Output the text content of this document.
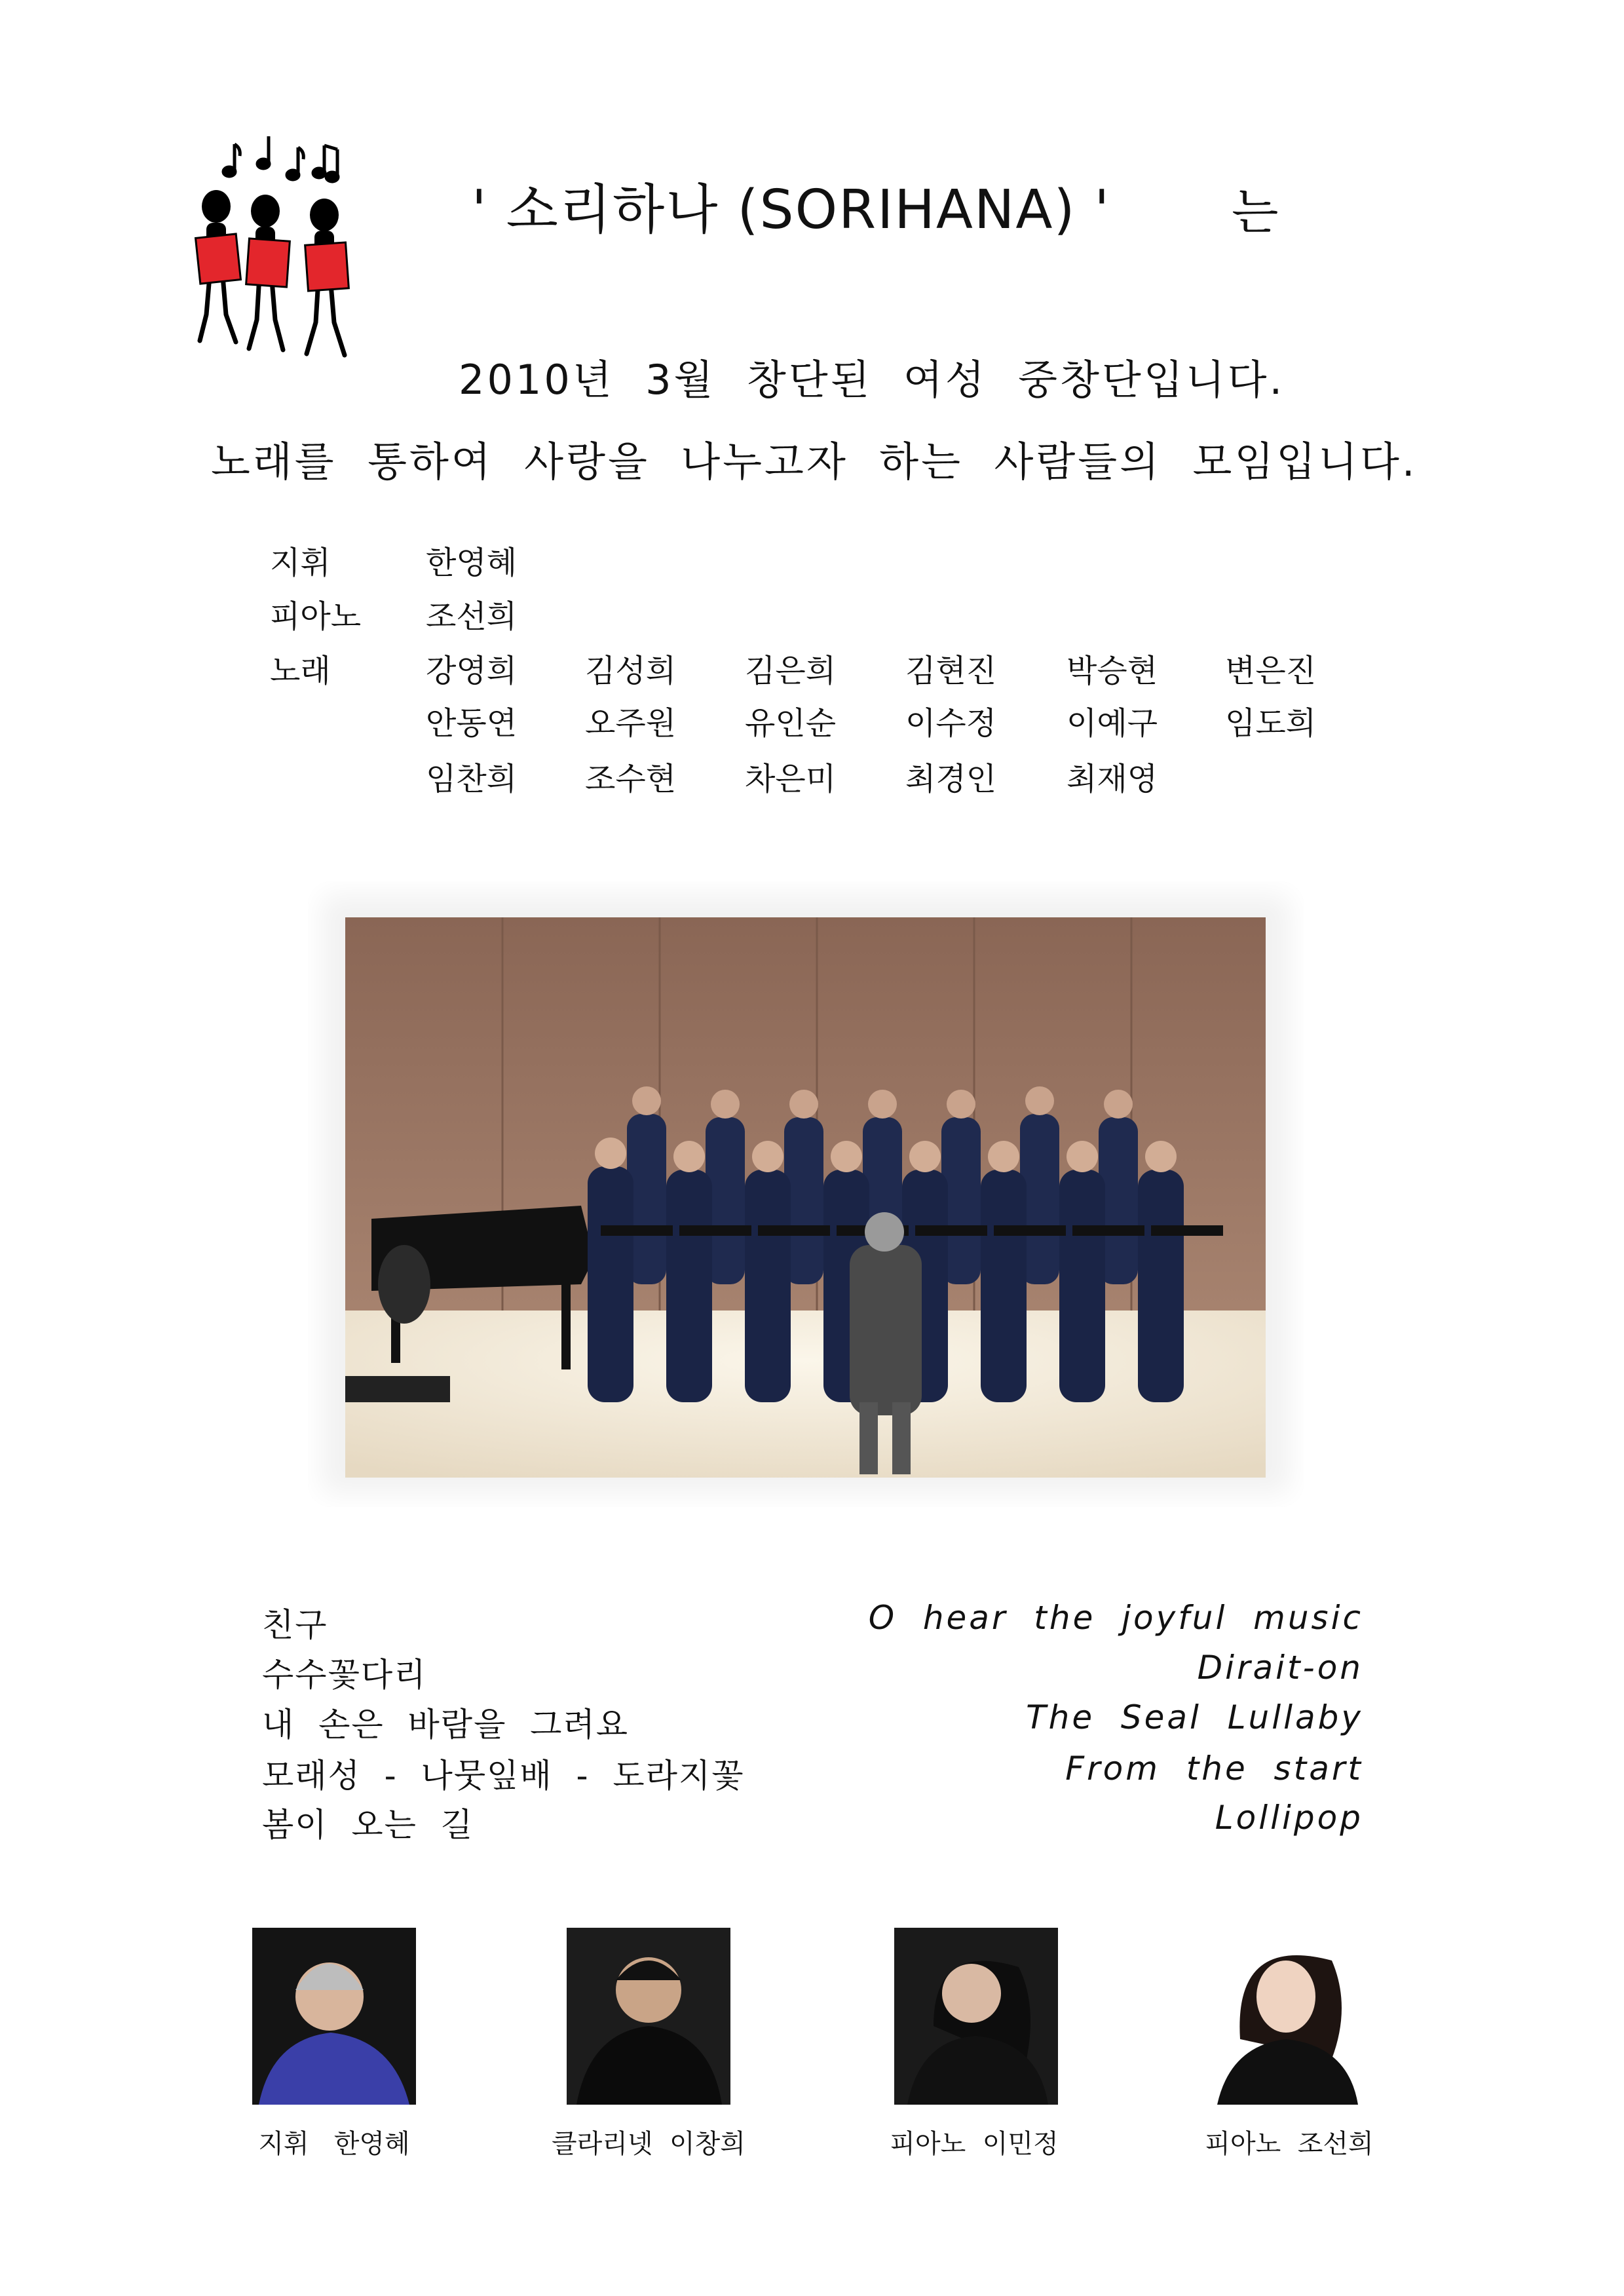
' 소리하나 (SORIHANA) ' 는
2010년  3월  창단된  여성  중창단입니다.
노래를  통하여  사랑을  나누고자  하는  사람들의  모임입니다.
지휘	한영혜
피아노 조선희
노래	강영희 김성희 김은희 김현진 박승현 변은진
안동연 오주원 유인순 이수정 이예구 임도희
임찬희 조수현 차은미 최경인 최재영
친구
수수꽃다리
내  손은  바람을  그려요
모래성  -  나뭇잎배  -  도라지꽃
봄이  오는  길
O  hear  the  joyful  music
Dirait-on
The  Seal  Lullaby
From  the  start
Lollipop
지휘   한영혜	클라리넷  이창희	피아노  이민정	피아노  조선희
